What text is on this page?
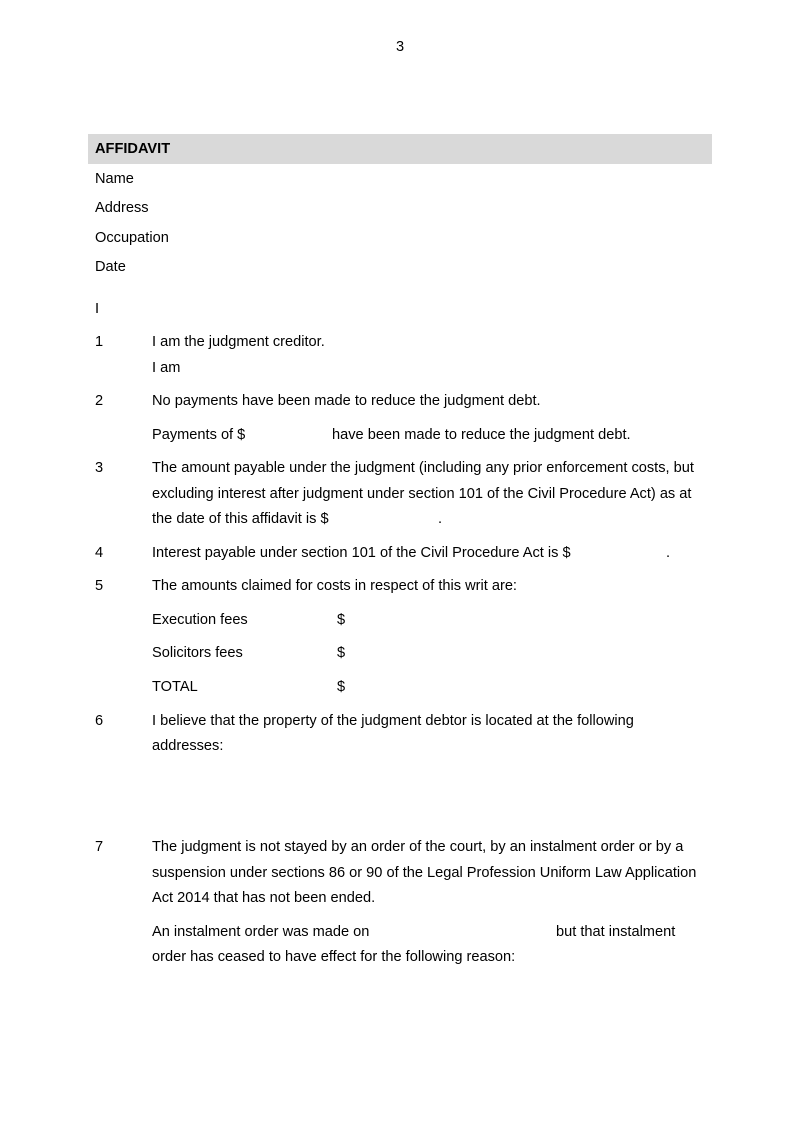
3
AFFIDAVIT
Name
Address
Occupation
Date
I
1	I am the judgment creditor.
I am
2	No payments have been made to reduce the judgment debt.
Payments of $	have been made to reduce the judgment debt.
3	The amount payable under the judgment (including any prior enforcement costs, but
excluding interest after judgment under section 101 of the Civil Procedure Act) as at
the date of this affidavit is $	.
4	Interest payable under section 101 of the Civil Procedure Act is $	.
5	The amounts claimed for costs in respect of this writ are:
Execution fees	$
Solicitors fees	$
TOTAL	$
6	I believe that the property of the judgment debtor is located at the following
addresses:
7	The judgment is not stayed by an order of the court, by an instalment order or by a
suspension under sections 86 or 90 of the Legal Profession Uniform Law Application
Act 2014 that has not been ended.
An instalment order was made on	but that instalment
order has ceased to have effect for the following reason:
